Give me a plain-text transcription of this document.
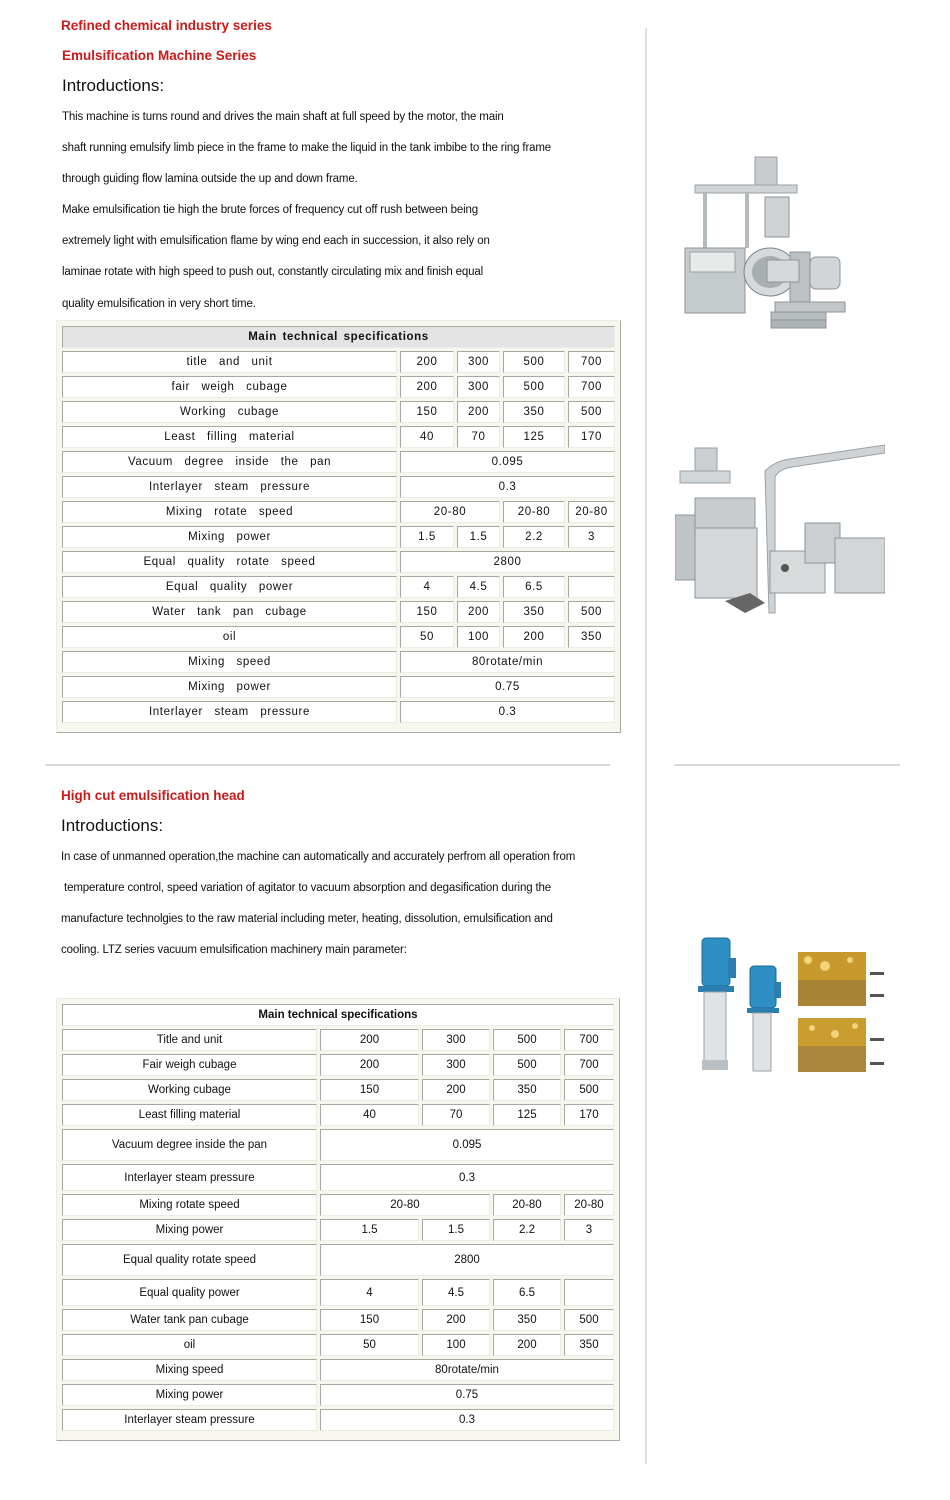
Refined chemical industry series
Emulsification Machine Series
Introductions:
This machine is turns round and drives the main shaft at full speed by the motor, the main
shaft running emulsify limb piece in the frame to make the liquid in the tank imbibe to the ring frame
through guiding flow lamina outside the up and down frame.
Make emulsification tie high the brute forces of frequency cut off rush between being
extremely light with emulsification flame by wing end each in succession, it also rely on
laminae rotate with high speed to push out, constantly circulating mix and finish equal
quality emulsification in very short time.
Main technical specifications				
title  and  unit	200	300	500	700
fair  weigh  cubage	200	300	500	700
Working  cubage	150	200	350	500
Least  filling  material	40	70	125	170
Vacuum  degree  inside  the  pan	0.095			
Interlayer  steam  pressure	0.3			
Mixing  rotate  speed	20-80		20-80	20-80
Mixing  power	1.5	1.5	2.2	3
Equal  quality  rotate  speed	2800			
Equal  quality  power	4	4.5	6.5	
Water  tank  pan  cubage	150	200	350	500
oil	50	100	200	350
Mixing  speed	80rotate/min			
Mixing  power	0.75			
Interlayer  steam  pressure	0.3			
High cut emulsification head
Introductions:
In case of unmanned operation,the machine can automatically and accurately perfrom all operation from
temperature control, speed variation of agitator to vacuum absorption and degasification during the
manufacture technolgies to the raw material including meter, heating, dissolution, emulsification and
cooling. LTZ series vacuum emulsification machinery main parameter:
Main technical specifications				
Title and unit	200	300	500	700
Fair weigh cubage	200	300	500	700
Working cubage	150	200	350	500
Least filling material	40	70	125	170
Vacuum degree inside the pan	0.095			
Interlayer steam pressure	0.3			
Mixing rotate speed	20-80		20-80	20-80
Mixing power	1.5	1.5	2.2	3
Equal quality rotate speed	2800			
Equal quality power	4	4.5	6.5	
Water tank pan cubage	150	200	350	500
oil	50	100	200	350
Mixing speed	80rotate/min			
Mixing power	0.75			
Interlayer steam pressure	0.3			
